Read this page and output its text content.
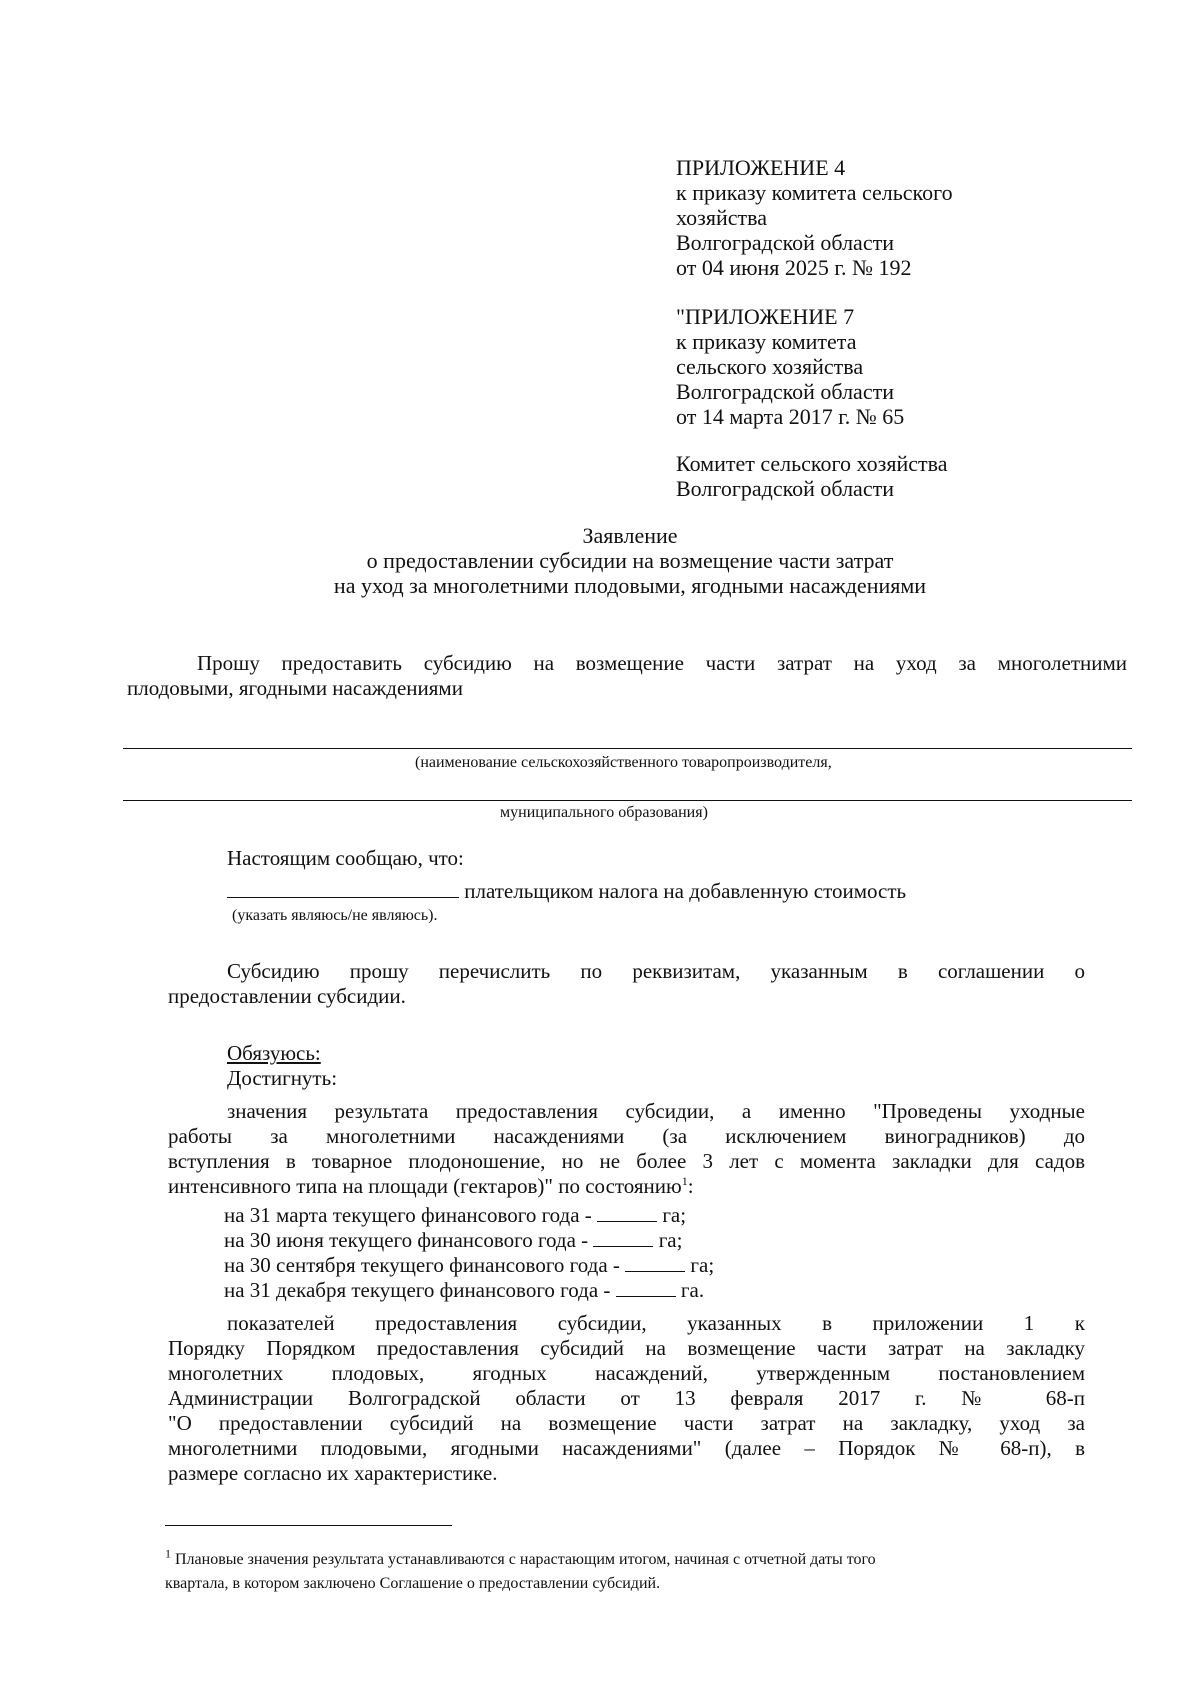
ПРИЛОЖЕНИЕ 4
к приказу комитета сельского
хозяйства
Волгоградской области
от 04 июня 2025 г. № 192
"ПРИЛОЖЕНИЕ 7
к приказу комитета
сельского хозяйства
Волгоградской области
от 14 марта 2017 г. № 65
Комитет сельского хозяйства
Волгоградской области
Заявление
о предоставлении субсидии на возмещение части затрат
на уход за многолетними плодовыми, ягодными насаждениями
Прошу предоставить субсидию на возмещение части затрат на уход за многолетними
плодовыми, ягодными насаждениями
(наименование сельскохозяйственного товаропроизводителя,
муниципального образования)
Настоящим сообщаю, что:
плательщиком налога на добавленную стоимость
(указать являюсь/не являюсь).
Субсидию прошу перечислить по реквизитам, указанным в соглашении о
предоставлении субсидии.
Обязуюсь:
Достигнуть:
значения результата предоставления субсидии, а именно "Проведены уходные
работы за многолетними насаждениями (за исключением виноградников) до
вступления в товарное плодоношение, но не более 3 лет с момента закладки для садов
интенсивного типа на площади (гектаров)" по состоянию$^1$:
на 31 марта текущего финансового года -	га;
на 30 июня текущего финансового года -	га;
на 30 сентября текущего финансового года -	га;
на 31 декабря текущего финансового года -	га.
показателей предоставления субсидии, указанных в приложении 1 к
Порядку Порядком предоставления субсидий на возмещение части затрат на закладку
многолетних плодовых, ягодных насаждений, утвержденным постановлением
Администрации Волгоградской области от 13 февраля 2017 г. № 68-п
"О предоставлении субсидий на возмещение части затрат на закладку, уход за
многолетними плодовыми, ягодными насаждениями" (далее – Порядок № 68-п), в
размере согласно их характеристике.
$^1$ Плановые значения результата устанавливаются с нарастающим итогом, начиная с отчетной даты того
квартала, в котором заключено Соглашение о предоставлении субсидий.
